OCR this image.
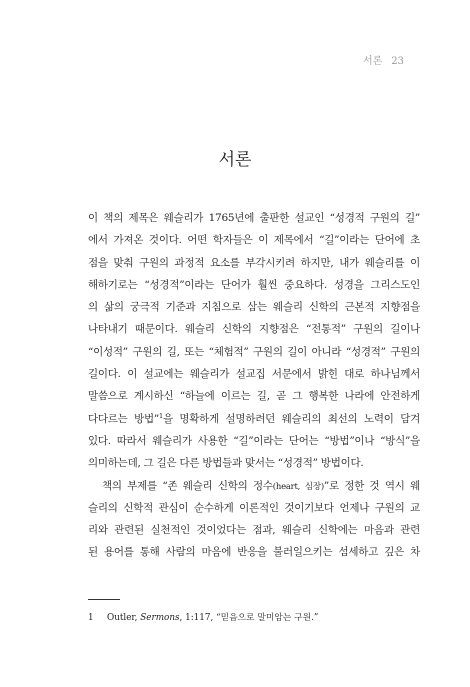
서론 23
서론
이 책의 제목은 웨슬리가 1765년에 출판한 설교인 “성경적 구원의 길”
에서 가져온 것이다. 어떤 학자들은 이 제목에서 “길”이라는 단어에 초
점을 맞춰 구원의 과정적 요소를 부각시키려 하지만, 내가 웨슬리를 이
해하기로는 “성경적”이라는 단어가 훨씬 중요하다. 성경을 그리스도인
의 삶의 궁극적 기준과 지침으로 삼는 웨슬리 신학의 근본적 지향점을
나타내기 때문이다. 웨슬리 신학의 지향점은 “전통적” 구원의 길이나
“이성적” 구원의 길, 또는 “체험적” 구원의 길이 아니라 “성경적” 구원의
길이다. 이 설교에는 웨슬리가 설교집 서문에서 밝힌 대로 하나님께서
말씀으로 계시하신 “하늘에 이르는 길, 곧 그 행복한 나라에 안전하게
다다르는 방법”$^1$을 명확하게 설명하려던 웨슬리의 최선의 노력이 담겨
있다. 따라서 웨슬리가 사용한 “길”이라는 단어는 “방법”이나 “방식”을
의미하는데, 그 길은 다른 방법들과 맞서는 “성경적” 방법이다.
책의 부제를 “존 웨슬리 신학의 정수(heart, 심장)”로 정한 것 역시 웨
슬리의 신학적 관심이 순수하게 이론적인 것이기보다 언제나 구원의 교
리와 관련된 실천적인 것이었다는 점과, 웨슬리 신학에는 마음과 관련
된 용어를 통해 사람의 마음에 반응을 불러일으키는 섬세하고 깊은 차
1 Outler, Sermons, 1:117, “믿음으로 말미암는 구원.”
